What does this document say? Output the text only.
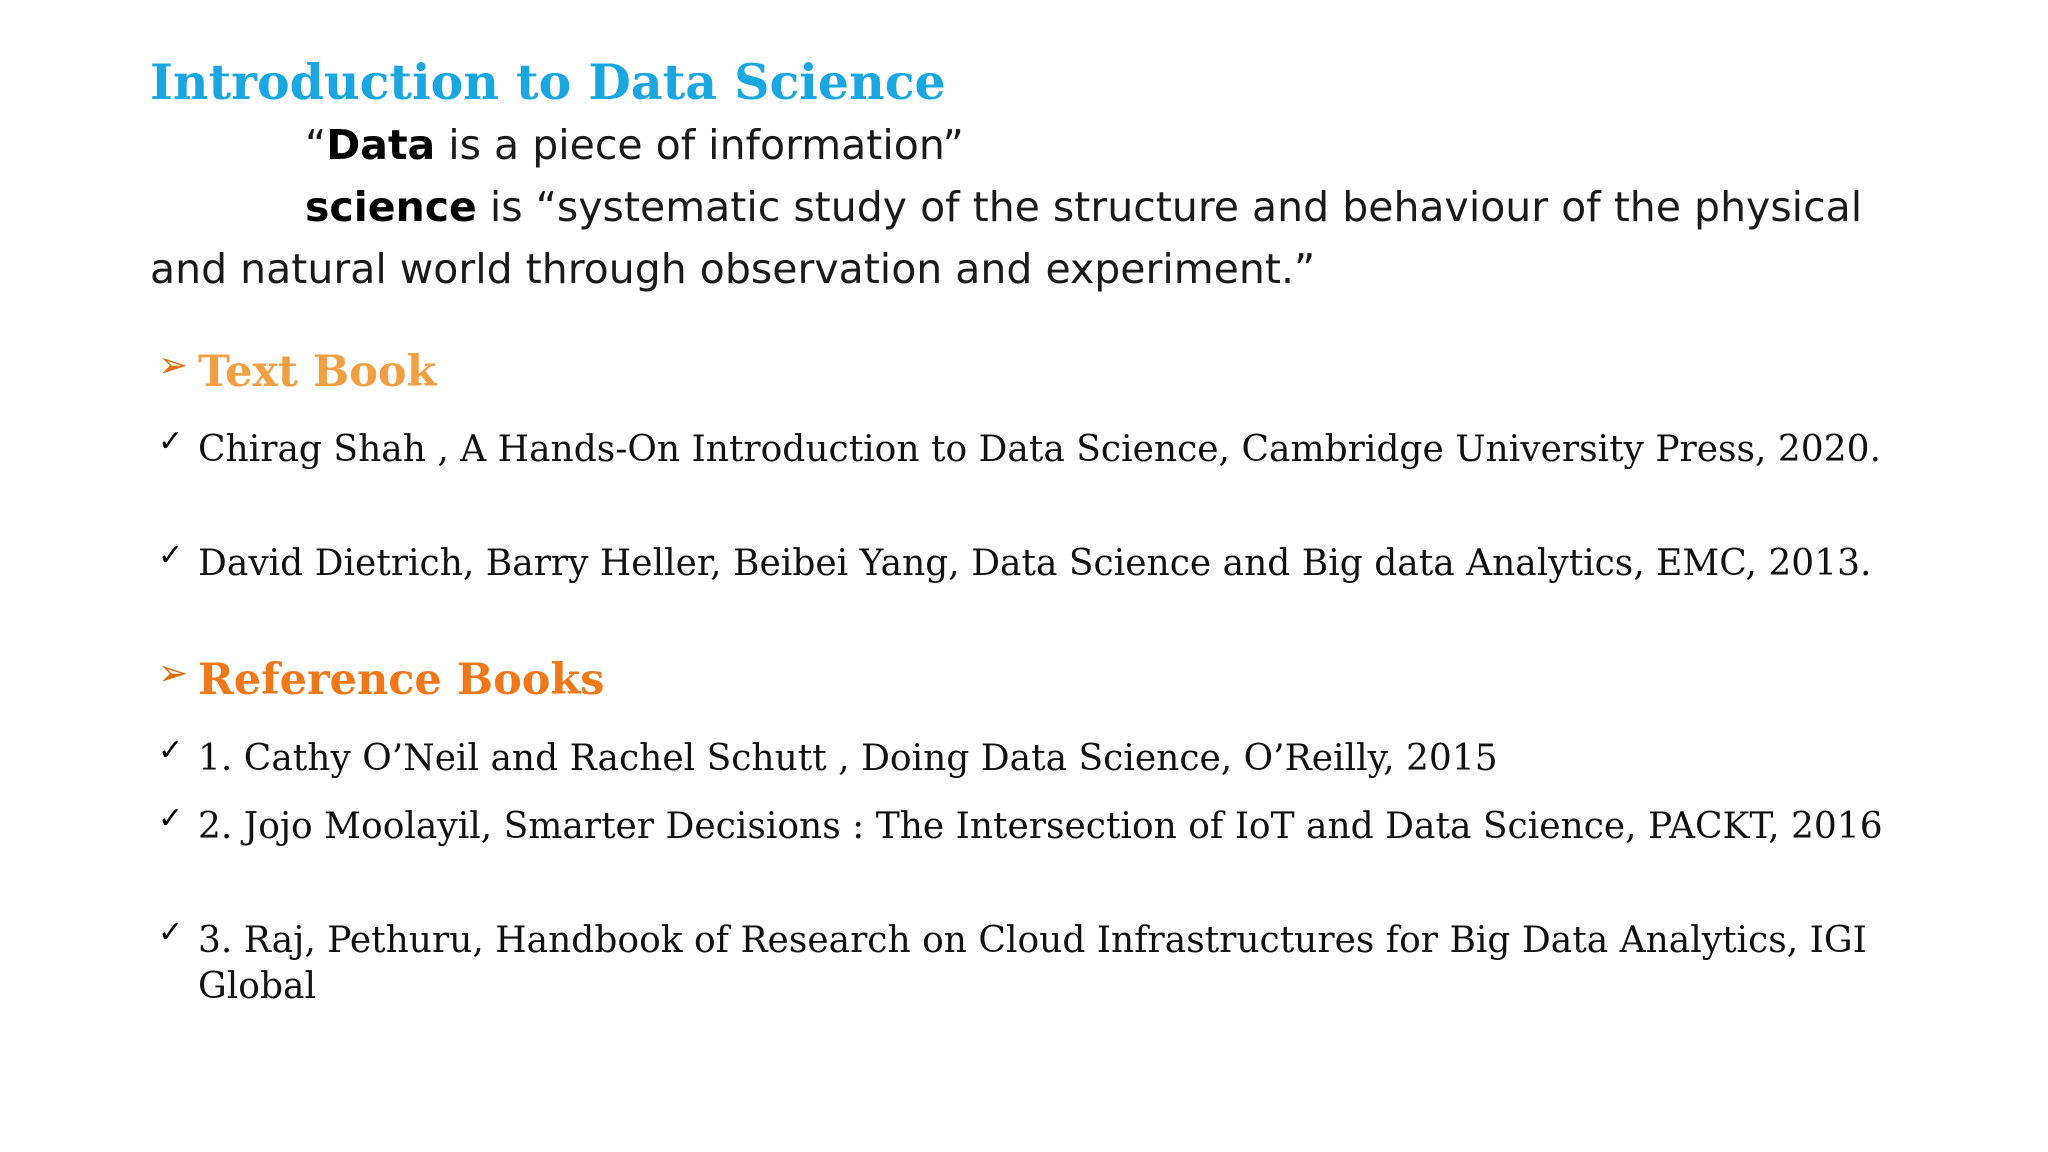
Introduction to Data Science
“Data is a piece of information”
science is “systematic study of the structure and behaviour of the physical
and natural world through observation and experiment.”
➢ Text Book
✓ Chirag Shah , A Hands-On Introduction to Data Science, Cambridge University Press, 2020.
✓ David Dietrich, Barry Heller, Beibei Yang, Data Science and Big data Analytics, EMC, 2013.
➢ Reference Books
✓ 1. Cathy O’Neil and Rachel Schutt , Doing Data Science, O’Reilly, 2015
✓ 2. Jojo Moolayil, Smarter Decisions : The Intersection of IoT and Data Science, PACKT, 2016
✓ 3. Raj, Pethuru, Handbook of Research on Cloud Infrastructures for Big Data Analytics, IGI Global
